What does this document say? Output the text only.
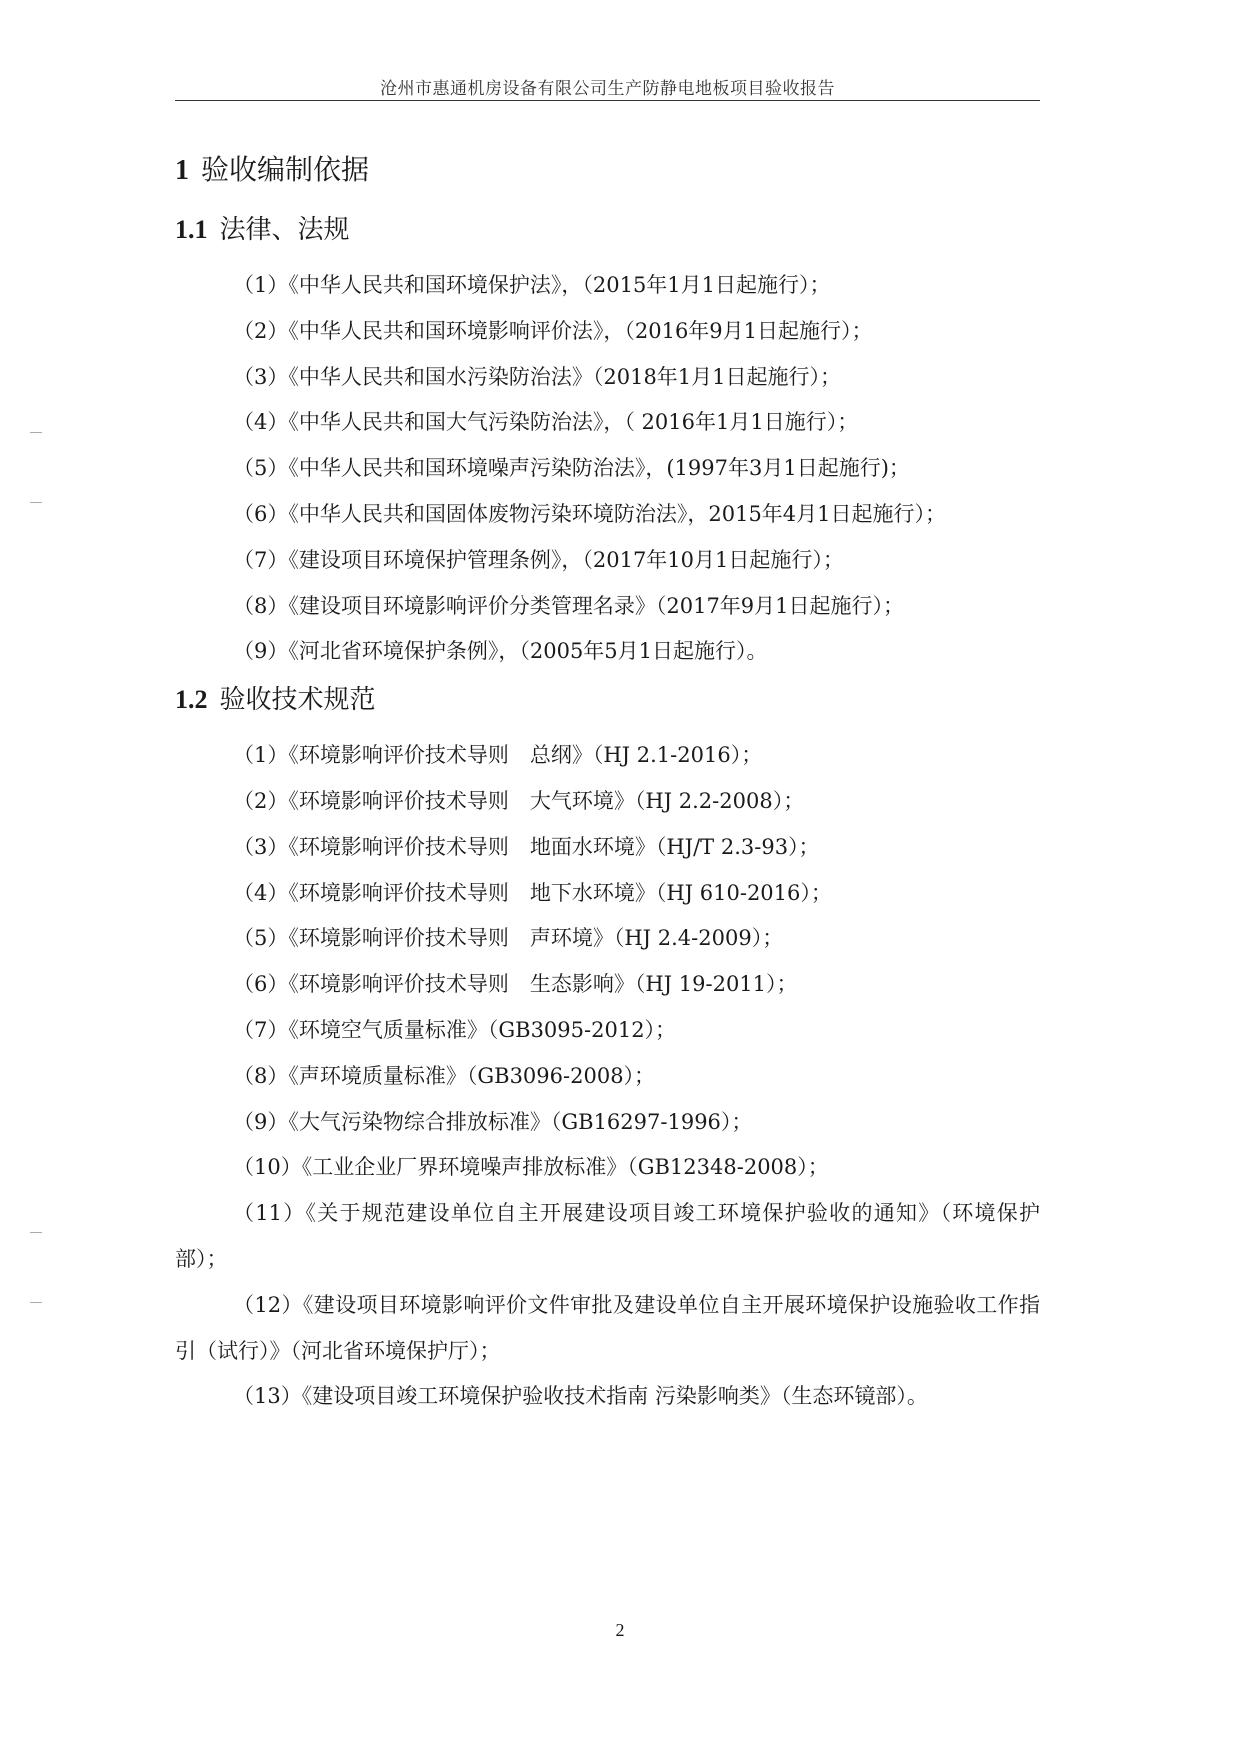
沧州市惠通机房设备有限公司生产防静电地板项目验收报告
1 验收编制依据
1.1 法律、法规

（1）《中华人民共和国环境保护法》，（2015年1月1日起施行）；

（2）《中华人民共和国环境影响评价法》，（2016年9月1日起施行）；

（3）《中华人民共和国水污染防治法》（2018年1月1日起施行）；

（4）《中华人民共和国大气污染防治法》，（ 2016年1月1日施行）；

（5）《中华人民共和国环境噪声污染防治法》，(1997年3月1日起施行)；

（6）《中华人民共和国固体废物污染环境防治法》，2015年4月1日起施行）；

（7）《建设项目环境保护管理条例》，（2017年10月1日起施行）；

（8）《建设项目环境影响评价分类管理名录》（2017年9月1日起施行）；

（9）《河北省环境保护条例》，（2005年5月1日起施行）。

1.2 验收技术规范

（1）《环境影响评价技术导则　总纲》（HJ 2.1-2016）；

（2）《环境影响评价技术导则　大气环境》（HJ 2.2-2008）；

（3）《环境影响评价技术导则　地面水环境》（HJ/T 2.3-93）；

（4）《环境影响评价技术导则　地下水环境》（HJ 610-2016）；

（5）《环境影响评价技术导则　声环境》（HJ 2.4-2009）；

（6）《环境影响评价技术导则　生态影响》（HJ 19-2011）；

（7）《环境空气质量标准》（GB3095-2012）；

（8）《声环境质量标准》（GB3096-2008）；

（9）《大气污染物综合排放标准》（GB16297-1996）；

（10）《工业企业厂界环境噪声排放标准》（GB12348-2008）；

（11）《关于规范建设单位自主开展建设项目竣工环境保护验收的通知》（环境保护部）；

（12）《建设项目环境影响评价文件审批及建设单位自主开展环境保护设施验收工作指引（试行）》（河北省环境保护厅）；

（13）《建设项目竣工环境保护验收技术指南 污染影响类》（生态环镜部）。

2
